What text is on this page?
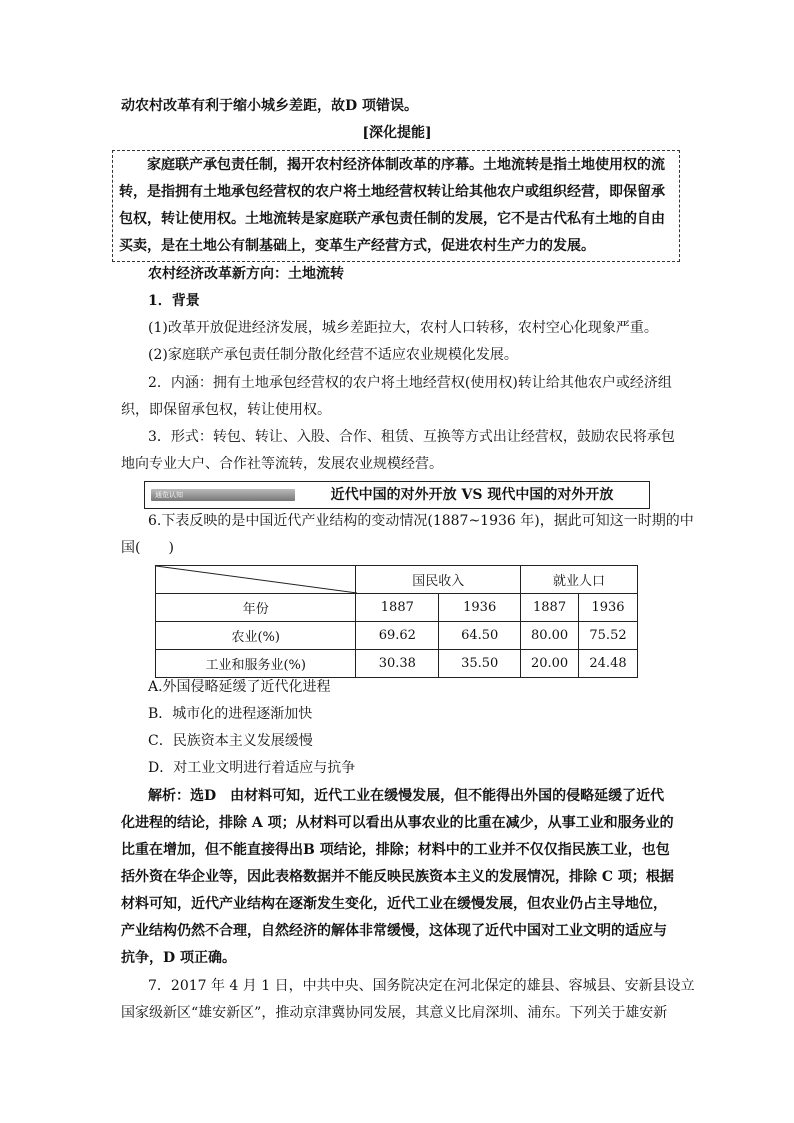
动农村改革有利于缩小城乡差距，故D 项错误。
[深化提能]
家庭联产承包责任制，揭开农村经济体制改革的序幕。土地流转是指土地使用权的流
转，是指拥有土地承包经营权的农户将土地经营权转让给其他农户或组织经营，即保留承
包权，转让使用权。土地流转是家庭联产承包责任制的发展，它不是古代私有土地的自由
买卖，是在土地公有制基础上，变革生产经营方式，促进农村生产力的发展。
农村经济改革新方向：土地流转
1．背景
(1)改革开放促进经济发展，城乡差距拉大，农村人口转移，农村空心化现象严重。
(2)家庭联产承包责任制分散化经营不适应农业规模化发展。
2．内涵：拥有土地承包经营权的农户将土地经营权(使用权)转让给其他农户或经济组
织，即保留承包权，转让使用权。
3．形式：转包、转让、入股、合作、租赁、互换等方式出让经营权，鼓励农民将承包
地向专业大户、合作社等流转，发展农业规模经营。
通览认知	近代中国的对外开放 VS 现代中国的对外开放
6.下表反映的是中国近代产业结构的变动情况(1887~1936 年)，据此可知这一时期的中
国(　　)
	国民收入		就业人口	
年份	1887	1936	1887	1936
农业(%)	69.62	64.50	80.00	75.52
工业和服务业(%)	30.38	35.50	20.00	24.48
A.外国侵略延缓了近代化进程
B．城市化的进程逐渐加快
C．民族资本主义发展缓慢
D．对工业文明进行着适应与抗争
解析：选D　由材料可知，近代工业在缓慢发展，但不能得出外国的侵略延缓了近代
化进程的结论，排除 A 项；从材料可以看出从事农业的比重在减少，从事工业和服务业的
比重在增加，但不能直接得出B 项结论，排除；材料中的工业并不仅仅指民族工业，也包
括外资在华企业等，因此表格数据并不能反映民族资本主义的发展情况，排除 C 项；根据
材料可知，近代产业结构在逐渐发生变化，近代工业在缓慢发展，但农业仍占主导地位，
产业结构仍然不合理，自然经济的解体非常缓慢，这体现了近代中国对工业文明的适应与
抗争，D 项正确。
7．2017 年 4 月 1 日，中共中央、国务院决定在河北保定的雄县、容城县、安新县设立
国家级新区“雄安新区”，推动京津冀协同发展，其意义比肩深圳、浦东。下列关于雄安新
